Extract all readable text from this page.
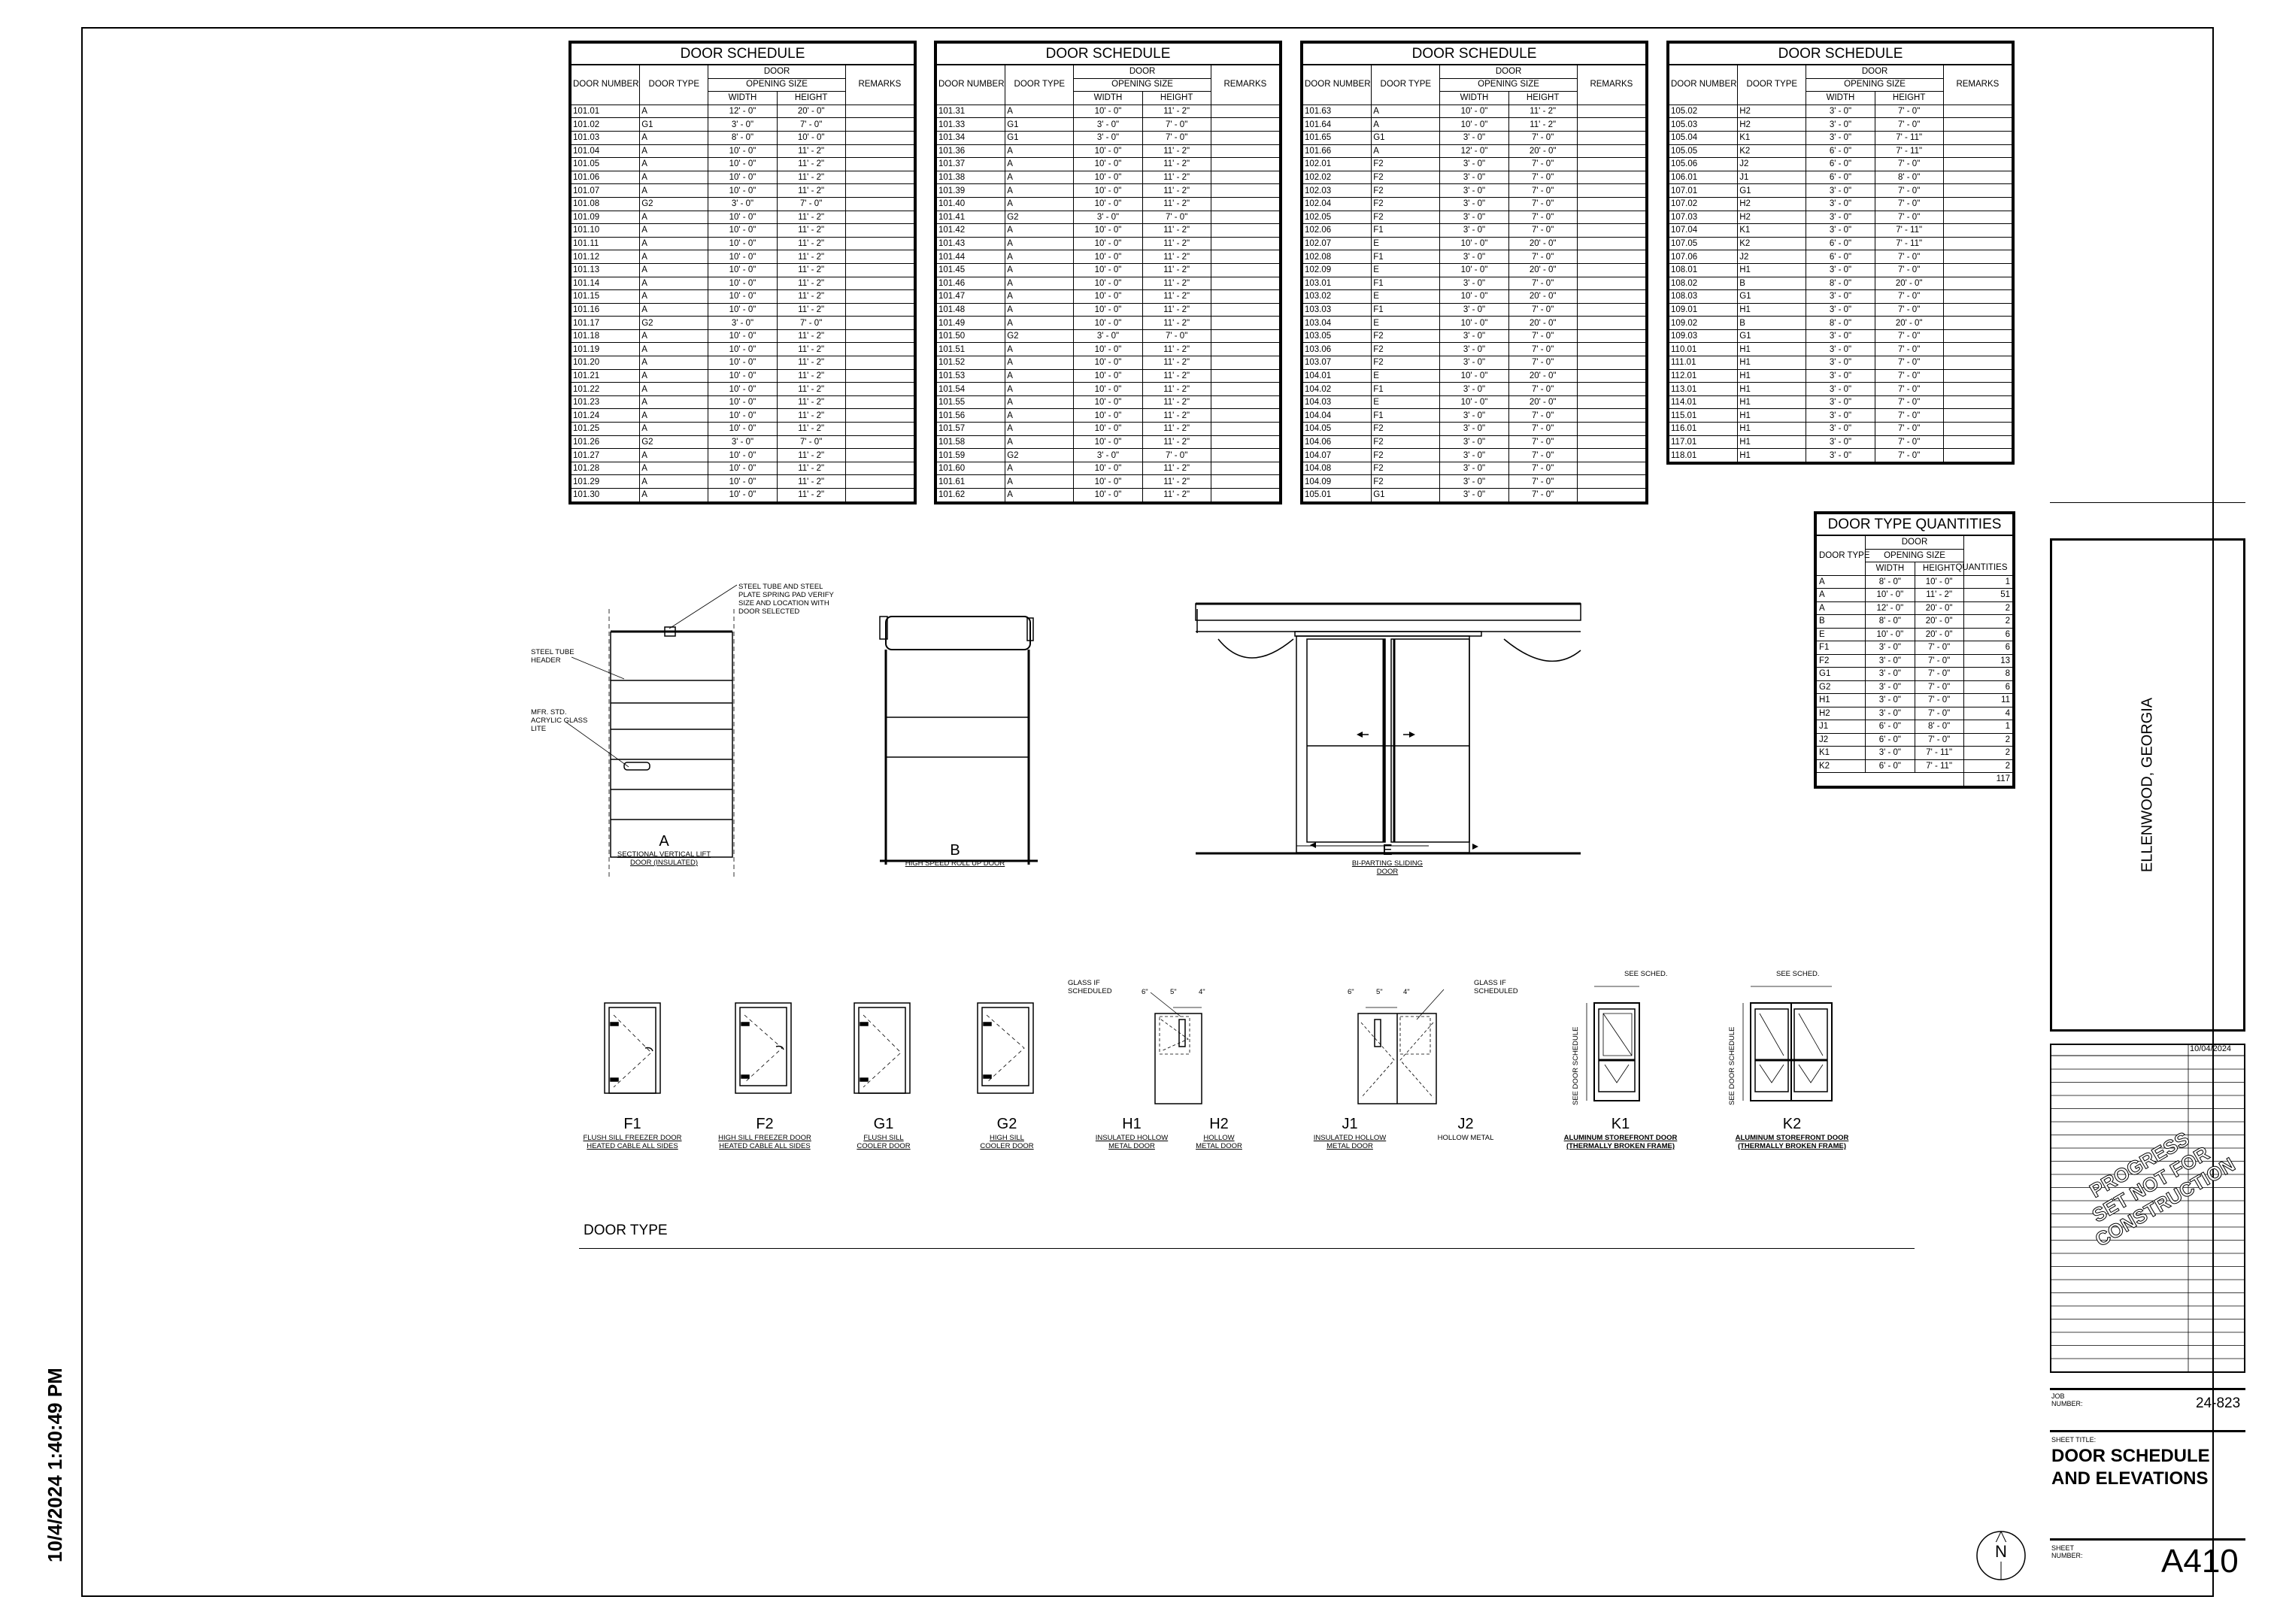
10/4/2024 1:40:49 PM
DOOR SCHEDULE				
DOOR NUMBER	DOOR TYPE	DOOR		REMARKS
		OPENING SIZE		
		WIDTH	HEIGHT	
101.01	A	12' - 0"	20' - 0"	
101.02	G1	3' - 0"	7' - 0"	
101.03	A	8' - 0"	10' - 0"	
101.04	A	10' - 0"	11' - 2"	
101.05	A	10' - 0"	11' - 2"	
101.06	A	10' - 0"	11' - 2"	
101.07	A	10' - 0"	11' - 2"	
101.08	G2	3' - 0"	7' - 0"	
101.09	A	10' - 0"	11' - 2"	
101.10	A	10' - 0"	11' - 2"	
101.11	A	10' - 0"	11' - 2"	
101.12	A	10' - 0"	11' - 2"	
101.13	A	10' - 0"	11' - 2"	
101.14	A	10' - 0"	11' - 2"	
101.15	A	10' - 0"	11' - 2"	
101.16	A	10' - 0"	11' - 2"	
101.17	G2	3' - 0"	7' - 0"	
101.18	A	10' - 0"	11' - 2"	
101.19	A	10' - 0"	11' - 2"	
101.20	A	10' - 0"	11' - 2"	
101.21	A	10' - 0"	11' - 2"	
101.22	A	10' - 0"	11' - 2"	
101.23	A	10' - 0"	11' - 2"	
101.24	A	10' - 0"	11' - 2"	
101.25	A	10' - 0"	11' - 2"	
101.26	G2	3' - 0"	7' - 0"	
101.27	A	10' - 0"	11' - 2"	
101.28	A	10' - 0"	11' - 2"	
101.29	A	10' - 0"	11' - 2"	
101.30	A	10' - 0"	11' - 2"	
DOOR SCHEDULE				
DOOR NUMBER	DOOR TYPE	DOOR		REMARKS
		OPENING SIZE		
		WIDTH	HEIGHT	
101.31	A	10' - 0"	11' - 2"	
101.33	G1	3' - 0"	7' - 0"	
101.34	G1	3' - 0"	7' - 0"	
101.36	A	10' - 0"	11' - 2"	
101.37	A	10' - 0"	11' - 2"	
101.38	A	10' - 0"	11' - 2"	
101.39	A	10' - 0"	11' - 2"	
101.40	A	10' - 0"	11' - 2"	
101.41	G2	3' - 0"	7' - 0"	
101.42	A	10' - 0"	11' - 2"	
101.43	A	10' - 0"	11' - 2"	
101.44	A	10' - 0"	11' - 2"	
101.45	A	10' - 0"	11' - 2"	
101.46	A	10' - 0"	11' - 2"	
101.47	A	10' - 0"	11' - 2"	
101.48	A	10' - 0"	11' - 2"	
101.49	A	10' - 0"	11' - 2"	
101.50	G2	3' - 0"	7' - 0"	
101.51	A	10' - 0"	11' - 2"	
101.52	A	10' - 0"	11' - 2"	
101.53	A	10' - 0"	11' - 2"	
101.54	A	10' - 0"	11' - 2"	
101.55	A	10' - 0"	11' - 2"	
101.56	A	10' - 0"	11' - 2"	
101.57	A	10' - 0"	11' - 2"	
101.58	A	10' - 0"	11' - 2"	
101.59	G2	3' - 0"	7' - 0"	
101.60	A	10' - 0"	11' - 2"	
101.61	A	10' - 0"	11' - 2"	
101.62	A	10' - 0"	11' - 2"	
DOOR SCHEDULE				
DOOR NUMBER	DOOR TYPE	DOOR		REMARKS
		OPENING SIZE		
		WIDTH	HEIGHT	
101.63	A	10' - 0"	11' - 2"	
101.64	A	10' - 0"	11' - 2"	
101.65	G1	3' - 0"	7' - 0"	
101.66	A	12' - 0"	20' - 0"	
102.01	F2	3' - 0"	7' - 0"	
102.02	F2	3' - 0"	7' - 0"	
102.03	F2	3' - 0"	7' - 0"	
102.04	F2	3' - 0"	7' - 0"	
102.05	F2	3' - 0"	7' - 0"	
102.06	F1	3' - 0"	7' - 0"	
102.07	E	10' - 0"	20' - 0"	
102.08	F1	3' - 0"	7' - 0"	
102.09	E	10' - 0"	20' - 0"	
103.01	F1	3' - 0"	7' - 0"	
103.02	E	10' - 0"	20' - 0"	
103.03	F1	3' - 0"	7' - 0"	
103.04	E	10' - 0"	20' - 0"	
103.05	F2	3' - 0"	7' - 0"	
103.06	F2	3' - 0"	7' - 0"	
103.07	F2	3' - 0"	7' - 0"	
104.01	E	10' - 0"	20' - 0"	
104.02	F1	3' - 0"	7' - 0"	
104.03	E	10' - 0"	20' - 0"	
104.04	F1	3' - 0"	7' - 0"	
104.05	F2	3' - 0"	7' - 0"	
104.06	F2	3' - 0"	7' - 0"	
104.07	F2	3' - 0"	7' - 0"	
104.08	F2	3' - 0"	7' - 0"	
104.09	F2	3' - 0"	7' - 0"	
105.01	G1	3' - 0"	7' - 0"	
DOOR SCHEDULE				
DOOR NUMBER	DOOR TYPE	DOOR		REMARKS
		OPENING SIZE		
		WIDTH	HEIGHT	
105.02	H2	3' - 0"	7' - 0"	
105.03	H2	3' - 0"	7' - 0"	
105.04	K1	3' - 0"	7' - 11"	
105.05	K2	6' - 0"	7' - 11"	
105.06	J2	6' - 0"	7' - 0"	
106.01	J1	6' - 0"	8' - 0"	
107.01	G1	3' - 0"	7' - 0"	
107.02	H2	3' - 0"	7' - 0"	
107.03	H2	3' - 0"	7' - 0"	
107.04	K1	3' - 0"	7' - 11"	
107.05	K2	6' - 0"	7' - 11"	
107.06	J2	6' - 0"	7' - 0"	
108.01	H1	3' - 0"	7' - 0"	
108.02	B	8' - 0"	20' - 0"	
108.03	G1	3' - 0"	7' - 0"	
109.01	H1	3' - 0"	7' - 0"	
109.02	B	8' - 0"	20' - 0"	
109.03	G1	3' - 0"	7' - 0"	
110.01	H1	3' - 0"	7' - 0"	
111.01	H1	3' - 0"	7' - 0"	
112.01	H1	3' - 0"	7' - 0"	
113.01	H1	3' - 0"	7' - 0"	
114.01	H1	3' - 0"	7' - 0"	
115.01	H1	3' - 0"	7' - 0"	
116.01	H1	3' - 0"	7' - 0"	
117.01	H1	3' - 0"	7' - 0"	
118.01	H1	3' - 0"	7' - 0"	
DOOR TYPE QUANTITIES			
DOOR TYPE	DOOR		
	OPENING SIZE		
	WIDTH	HEIGHT	
A	8' - 0"	10' - 0"	1
A	10' - 0"	11' - 2"	51
A	12' - 0"	20' - 0"	2
B	8' - 0"	20' - 0"	2
E	10' - 0"	20' - 0"	6
F1	3' - 0"	7' - 0"	6
F2	3' - 0"	7' - 0"	13
G1	3' - 0"	7' - 0"	8
G2	3' - 0"	7' - 0"	6
H1	3' - 0"	7' - 0"	11
H2	3' - 0"	7' - 0"	4
J1	6' - 0"	8' - 0"	1
J2	6' - 0"	7' - 0"	2
K1	3' - 0"	7' - 11"	2
K2	6' - 0"	7' - 11"	2
			117
QUANTITIES
STEEL TUBE AND STEEL PLATE SPRING PAD VERIFY SIZE AND LOCATION WITH DOOR SELECTED
STEEL TUBE HEADER
MFR. STD. ACRYLIC GLASS LITE
A
SECTIONAL VERTICAL LIFT DOOR (INSULATED)
B
HIGH SPEED ROLL UP DOOR
E
BI-PARTING SLIDING DOOR
GLASS IF SCHEDULED
GLASS IF SCHEDULED
6"	5"	4"	6"	5"	4"
SEE SCHED.	SEE SCHED.
SEE DOOR SCHEDULE	SEE DOOR SCHEDULE
F1
FLUSH SILL FREEZER DOOR HEATED CABLE ALL SIDES
F2
HIGH SILL FREEZER DOOR HEATED CABLE ALL SIDES
G1
FLUSH SILL COOLER DOOR
G2
HIGH SILL COOLER DOOR
H1
INSULATED HOLLOW METAL DOOR
H2
HOLLOW METAL DOOR
J1
INSULATED HOLLOW METAL DOOR
J2
HOLLOW METAL
K1
ALUMINUM STOREFRONT DOOR (THERMALLY BROKEN FRAME)
K2
ALUMINUM STOREFRONT DOOR (THERMALLY BROKEN FRAME)
DOOR TYPE
ELLENWOOD, GEORGIA
10/04/2024
PROGRESS SET NOT FOR CONSTRUCTION
JOB NUMBER:	24-823
SHEET TITLE:
DOOR SCHEDULE AND ELEVATIONS
SHEET NUMBER:	A410
N
